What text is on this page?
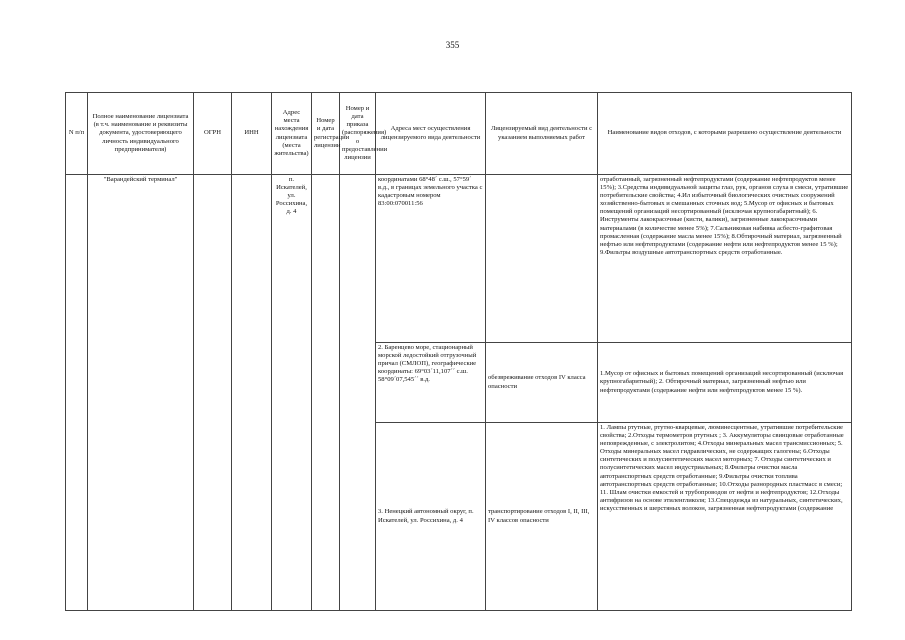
355
N п/п	Полное наименование лицензиата (в т.ч. наименование и реквизиты документа, удостоверяющего личность индивидуального предпринимателя)	ОГРН	ИНН	Адрес места нахождения лицензиата (места жительства)	Номер и дата регистрации лицензии	Номер и дата приказа (распоряжения) о предоставлении лицензии	Адреса мест осуществления лицензируемого вида деятельности	Лицензируемый вид деятельности с указанием выполняемых работ	Наименование видов отходов, с которыми разрешено осуществление деятельности
	"Варандейский терминал"			п. Искателей, ул. Россихина, д. 4			координатами 68°48´ с.ш., 57°59´ в.д., в границах земельного участка с кадастровым номером 83:00:070011:56		отработанный, загрязненный нефтепродуктами (содержание нефтепродуктов менее 15%); 3.Средства индивидуальной защиты глаз, рук, органов слуха в смеси, утратившие потребительские свойства; 4.Ил избыточный биологических очистных сооружений хозяйственно-бытовых и смешанных сточных вод; 5.Мусор от офисных и бытовых помещений организаций несортированный (исключая крупногабаритный); 6. Инструменты лакокрасочные (кисти, валики), загрязненные лакокрасочными материалами (в количестве менее 5%); 7.Сальниковая набивка асбесто-графитовая промасленная (содержание масла менее 15%); 8.Обтирочный материал, загрязненный нефтью или нефтепродуктами (содержание нефти или нефтепродуктов менее 15 %); 9.Фильтры воздушные автотранспортных средств отработанные.
							2. Баренцево море, стационарный морской ледостойкий отгрузочный причал (СМЛОП), географические координаты: 69°03´11,107´´ с.ш. 58°09´07,545´´ в.д.	обезвреживание отходов IV класса опасности	1.Мусор от офисных и бытовых помещений организаций несортированный (исключая крупногабаритный); 2. Обтирочный материал, загрязненный нефтью или нефтепродуктами (содержание нефти или нефтепродуктов менее 15 %).
							3. Ненецкий автономный округ, п. Искателей, ул. Россихина, д. 4	транспортирование отходов I, II, III, IV классов опасности	1. Лампы ртутные, ртутно-кварцевые, люминесцентные, утратившие потребительские свойства; 2.Отходы термометров ртутных ; 3. Аккумуляторы свинцовые отработанные неповрежденные, с электролитом; 4.Отходы минеральных масел трансмиссионных; 5. Отходы минеральных масел гидравлических, не содержащих галогены; 6.Отходы синтетических и полусинтетических масел моторных; 7. Отходы синтетических и полусинтетических масел индустриальных; 8.Фильтры очистки масла автотранспортных средств отработанные; 9.Фильтры очистки топлива автотранспортных средств отработанные; 10.Отходы разнородных пластмасс в смеси; 11. Шлам очистки емкостей и трубопроводов от нефти и нефтепродуктов; 12.Отходы антифризов на основе этиленгликоля; 13.Спецодежда из натуральных, синтетических, искусственных и шерстяных волокон, загрязненная нефтепродуктами (содержание
